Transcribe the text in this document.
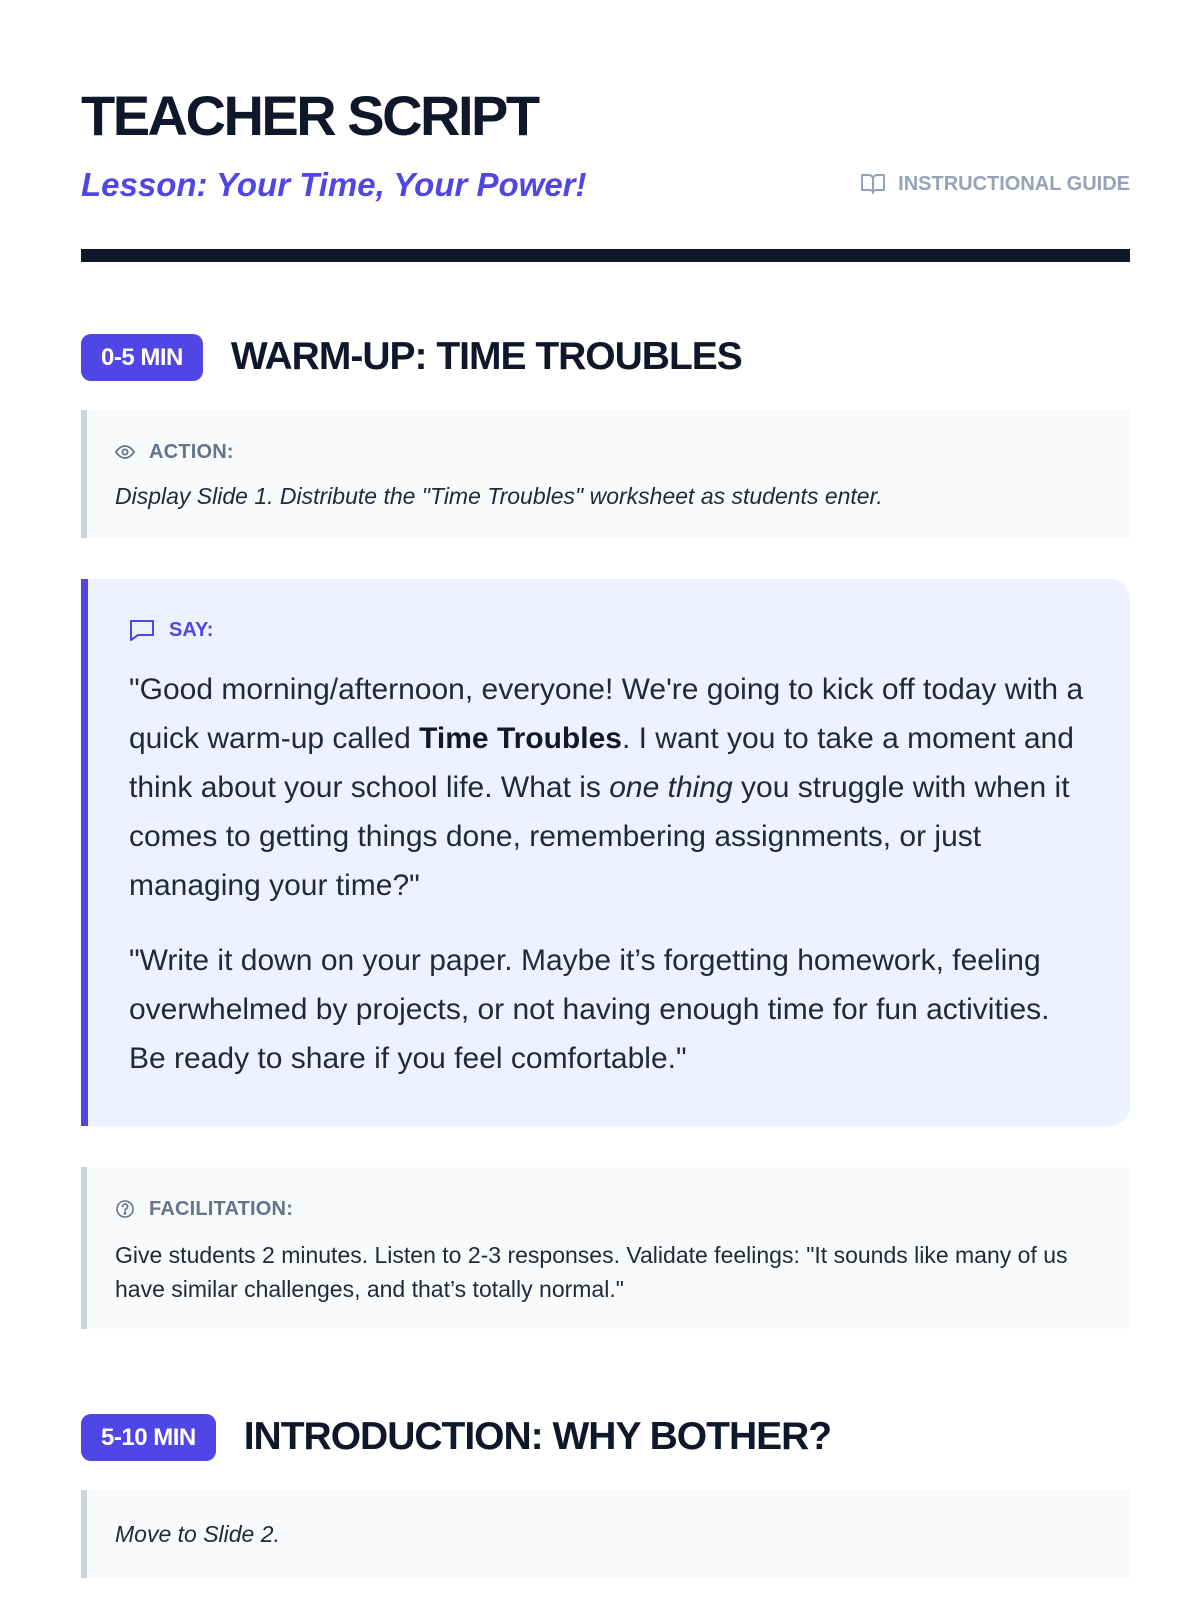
TEACHER SCRIPT
Lesson: Your Time, Your Power!	INSTRUCTIONAL GUIDE
0-5 MIN	WARM-UP: TIME TROUBLES
ACTION:

Display Slide 1. Distribute the "Time Troubles" worksheet as students enter.

SAY:

"Good morning/afternoon, everyone! We're going to kick off today with a quick warm-up called Time Troubles. I want you to take a moment and think about your school life. What is one thing you struggle with when it comes to getting things done, remembering assignments, or just managing your time?"

"Write it down on your paper. Maybe it’s forgetting homework, feeling overwhelmed by projects, or not having enough time for fun activities. Be ready to share if you feel comfortable."

FACILITATION:

Give students 2 minutes. Listen to 2-3 responses. Validate feelings: "It sounds like many of us have similar challenges, and that’s totally normal."

5-10 MIN	INTRODUCTION: WHY BOTHER?

Move to Slide 2.
